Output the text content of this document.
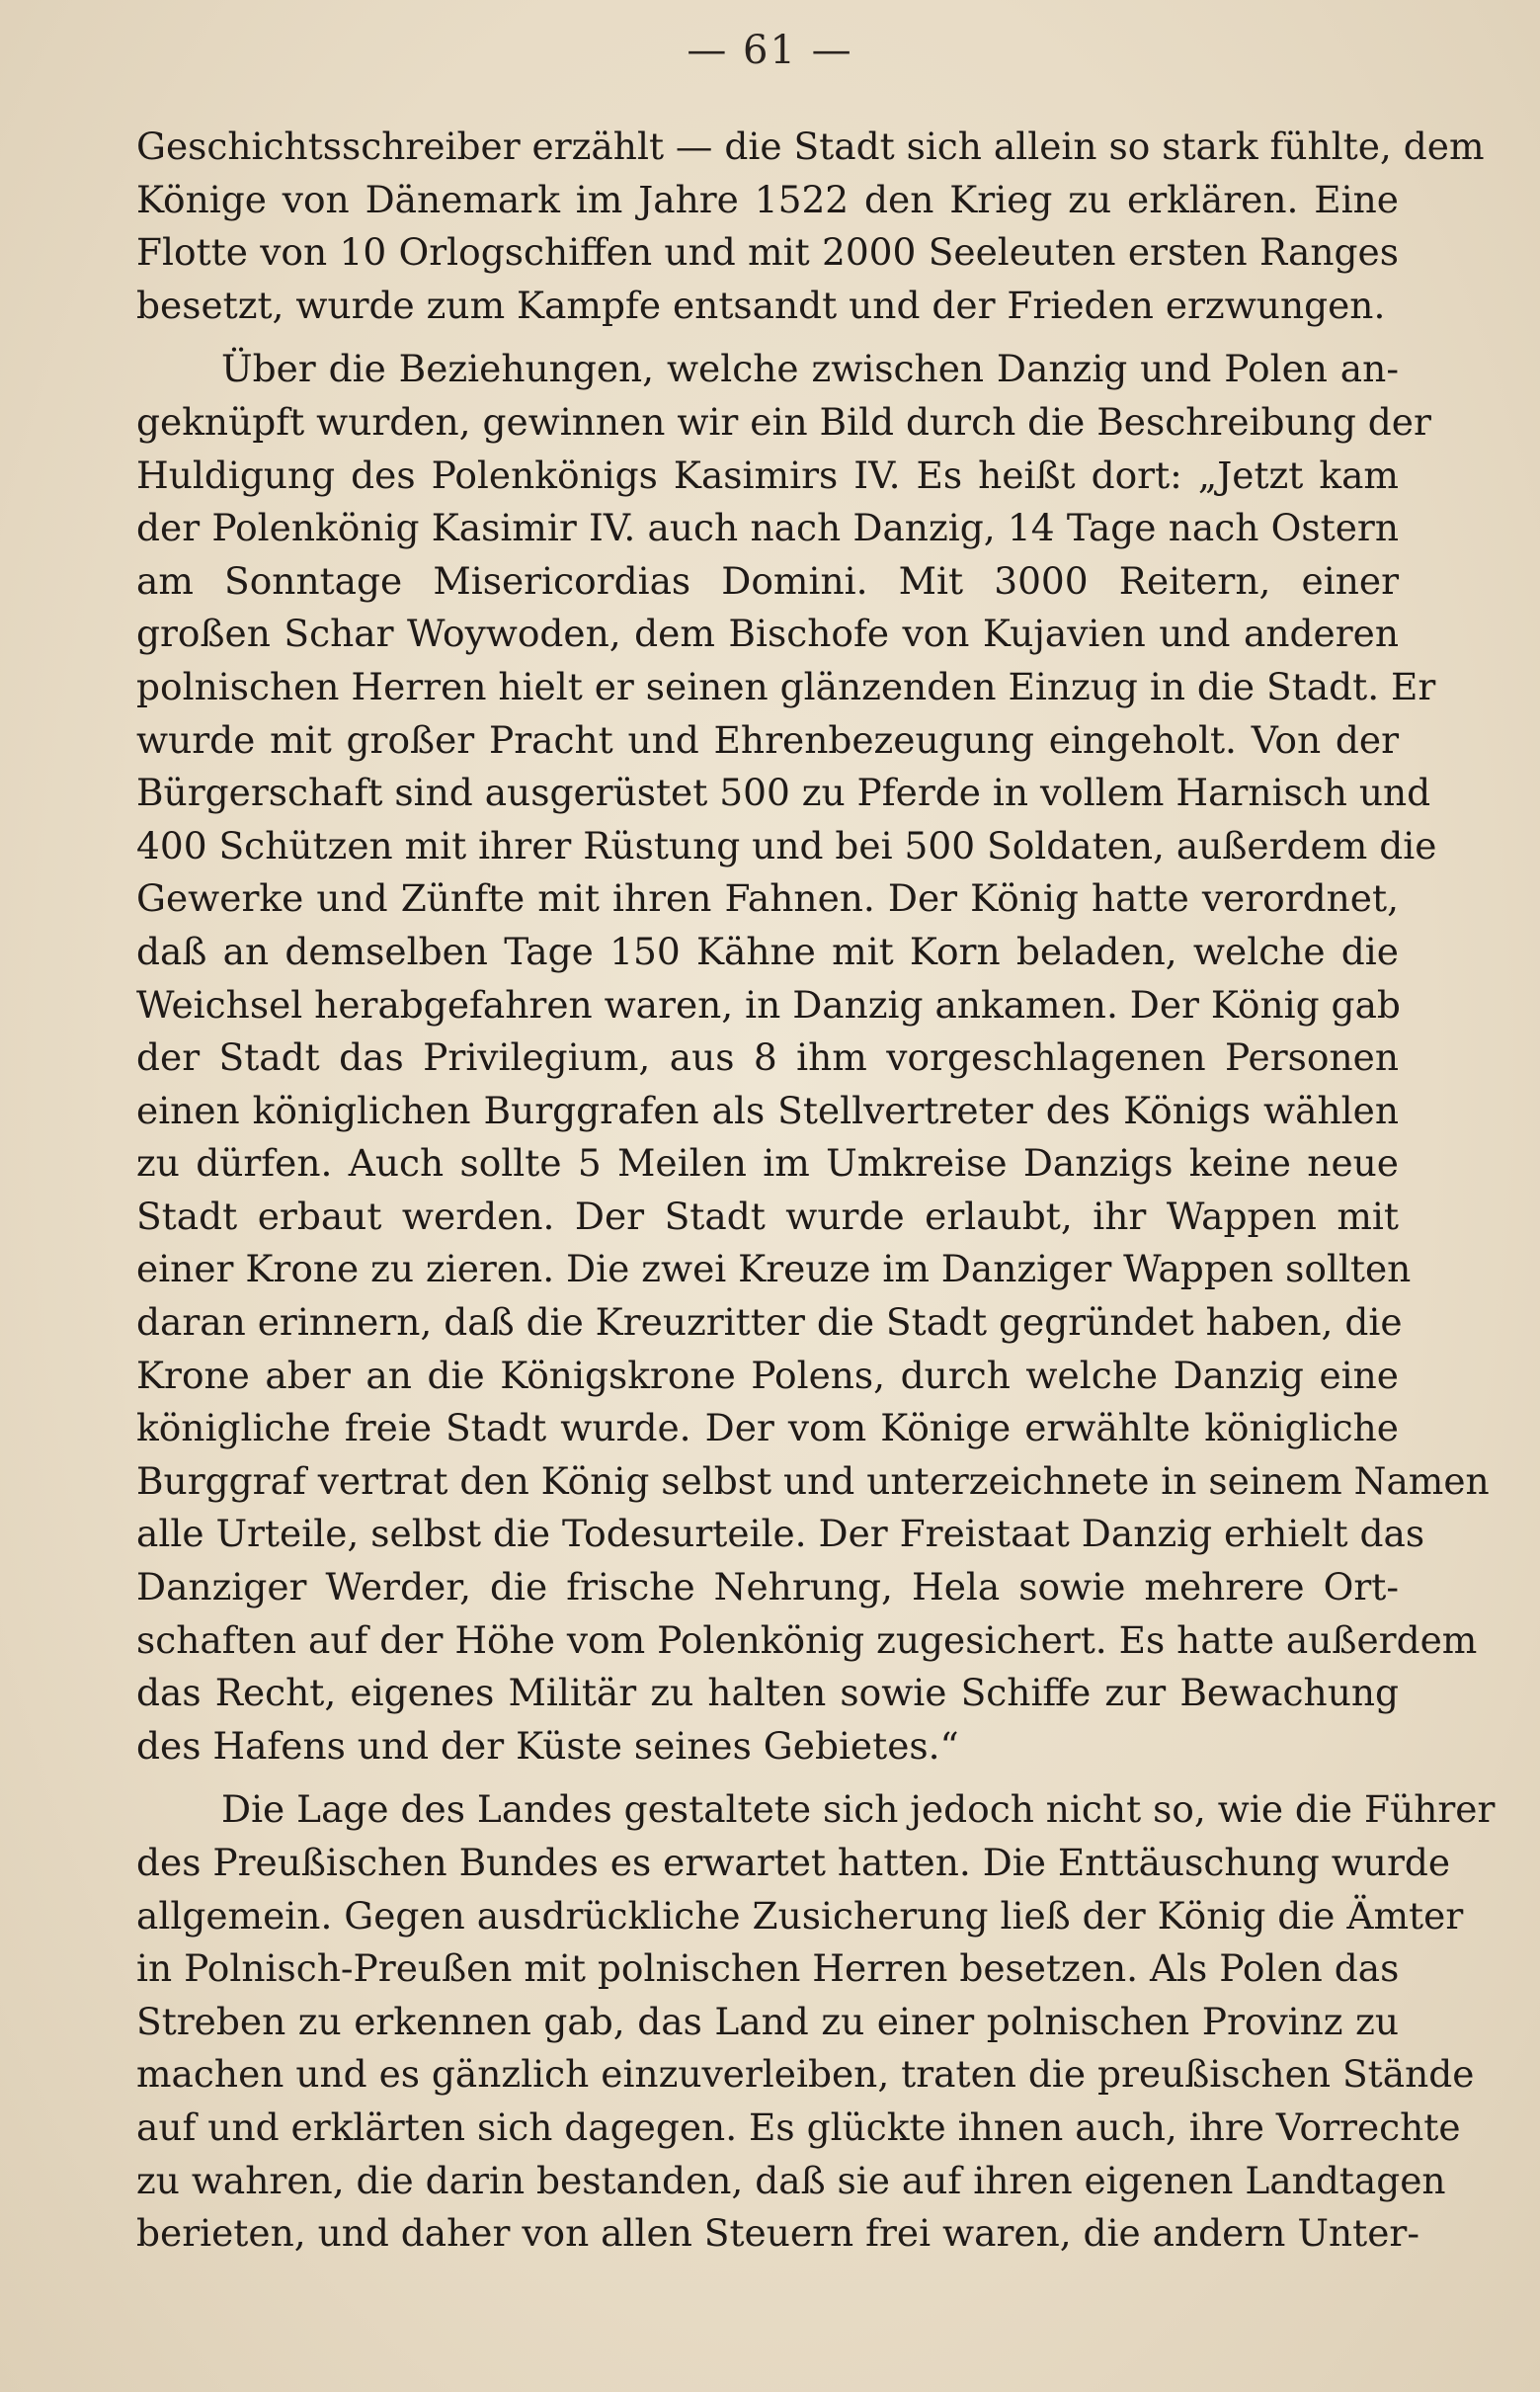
— 61 —
Geschichtsschreiber erzählt — die Stadt sich allein so stark fühlte, dem
Könige von Dänemark im Jahre 1522 den Krieg zu erklären. Eine
Flotte von 10 Orlogschiffen und mit 2000 Seeleuten ersten Ranges
besetzt, wurde zum Kampfe entsandt und der Frieden erzwungen.
Über die Beziehungen, welche zwischen Danzig und Polen an-
geknüpft wurden, gewinnen wir ein Bild durch die Beschreibung der
Huldigung des Polenkönigs Kasimirs IV. Es heißt dort: „Jetzt kam
der Polenkönig Kasimir IV. auch nach Danzig, 14 Tage nach Ostern
am Sonntage Misericordias Domini. Mit 3000 Reitern, einer
großen Schar Woywoden, dem Bischofe von Kujavien und anderen
polnischen Herren hielt er seinen glänzenden Einzug in die Stadt. Er
wurde mit großer Pracht und Ehrenbezeugung eingeholt. Von der
Bürgerschaft sind ausgerüstet 500 zu Pferde in vollem Harnisch und
400 Schützen mit ihrer Rüstung und bei 500 Soldaten, außerdem die
Gewerke und Zünfte mit ihren Fahnen. Der König hatte verordnet,
daß an demselben Tage 150 Kähne mit Korn beladen, welche die
Weichsel herabgefahren waren, in Danzig ankamen. Der König gab
der Stadt das Privilegium, aus 8 ihm vorgeschlagenen Personen
einen königlichen Burggrafen als Stellvertreter des Königs wählen
zu dürfen. Auch sollte 5 Meilen im Umkreise Danzigs keine neue
Stadt erbaut werden. Der Stadt wurde erlaubt, ihr Wappen mit
einer Krone zu zieren. Die zwei Kreuze im Danziger Wappen sollten
daran erinnern, daß die Kreuzritter die Stadt gegründet haben, die
Krone aber an die Königskrone Polens, durch welche Danzig eine
königliche freie Stadt wurde. Der vom Könige erwählte königliche
Burggraf vertrat den König selbst und unterzeichnete in seinem Namen
alle Urteile, selbst die Todesurteile. Der Freistaat Danzig erhielt das
Danziger Werder, die frische Nehrung, Hela sowie mehrere Ort-
schaften auf der Höhe vom Polenkönig zugesichert. Es hatte außerdem
das Recht, eigenes Militär zu halten sowie Schiffe zur Bewachung
des Hafens und der Küste seines Gebietes.“
Die Lage des Landes gestaltete sich jedoch nicht so, wie die Führer
des Preußischen Bundes es erwartet hatten. Die Enttäuschung wurde
allgemein. Gegen ausdrückliche Zusicherung ließ der König die Ämter
in Polnisch-Preußen mit polnischen Herren besetzen. Als Polen das
Streben zu erkennen gab, das Land zu einer polnischen Provinz zu
machen und es gänzlich einzuverleiben, traten die preußischen Stände
auf und erklärten sich dagegen. Es glückte ihnen auch, ihre Vorrechte
zu wahren, die darin bestanden, daß sie auf ihren eigenen Landtagen
berieten, und daher von allen Steuern frei waren, die andern Unter-
